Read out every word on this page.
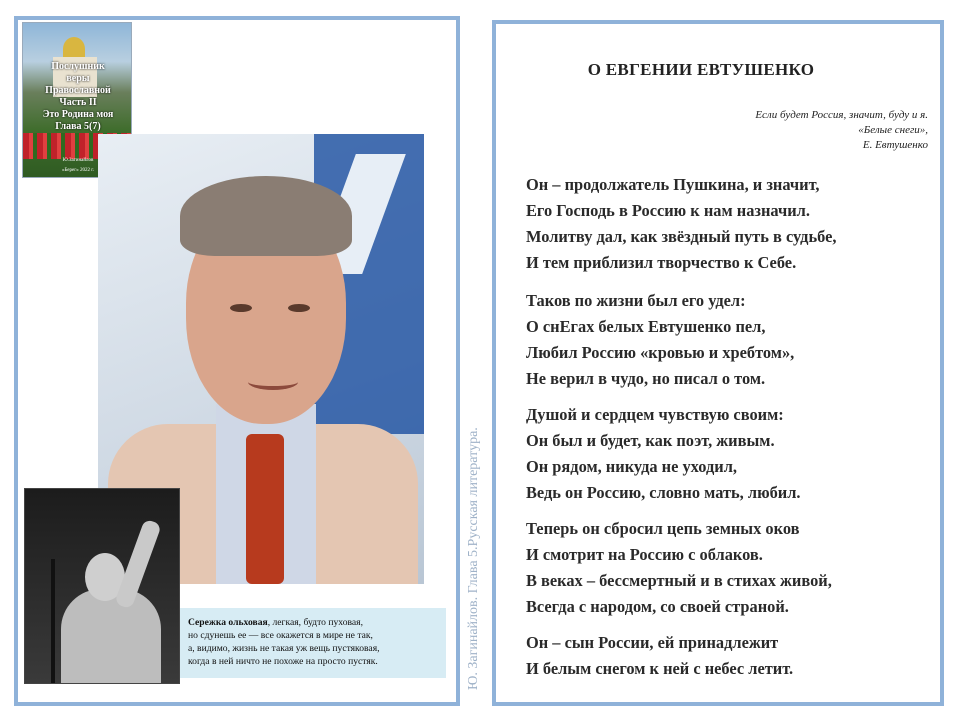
Послушник
веры
Православной
Часть II
Это Родина моя
Глава 5(7)
Ю.Загинайлов
«Берег» 2022 г.
Сережка ольховая, легкая, будто пуховая,
но сдунешь ее — все окажется в мире не так,
а, видимо, жизнь не такая уж вещь пустяковая,
когда в ней ничто не похоже на просто пустяк.	Ю. Загинайлов. Глава 5.Русская литература.
О ЕВГЕНИИ ЕВТУШЕНКО
Если будет Россия, значит, буду и я.
«Белые снеги»,
Е. Евтушенко
Он – продолжатель Пушкина, и значит,
Его Господь в Россию к нам назначил.
Молитву дал, как звёздный путь в судьбе,
И тем приблизил творчество к Себе.
Таков по жизни был его удел:
О снЕгах белых Евтушенко пел,
Любил Россию «кровью и хребтом»,
Не верил в чудо, но писал о том.
Душой и сердцем чувствую своим:
Он был и будет, как поэт, живым.
Он рядом, никуда не уходил,
Ведь он Россию, словно мать, любил.
Теперь он сбросил цепь земных оков
И смотрит на Россию с облаков.
В веках – бессмертный и в стихах живой,
Всегда с народом, со своей страной.
Он – сын России, ей принадлежит
И белым снегом к ней с небес летит.
